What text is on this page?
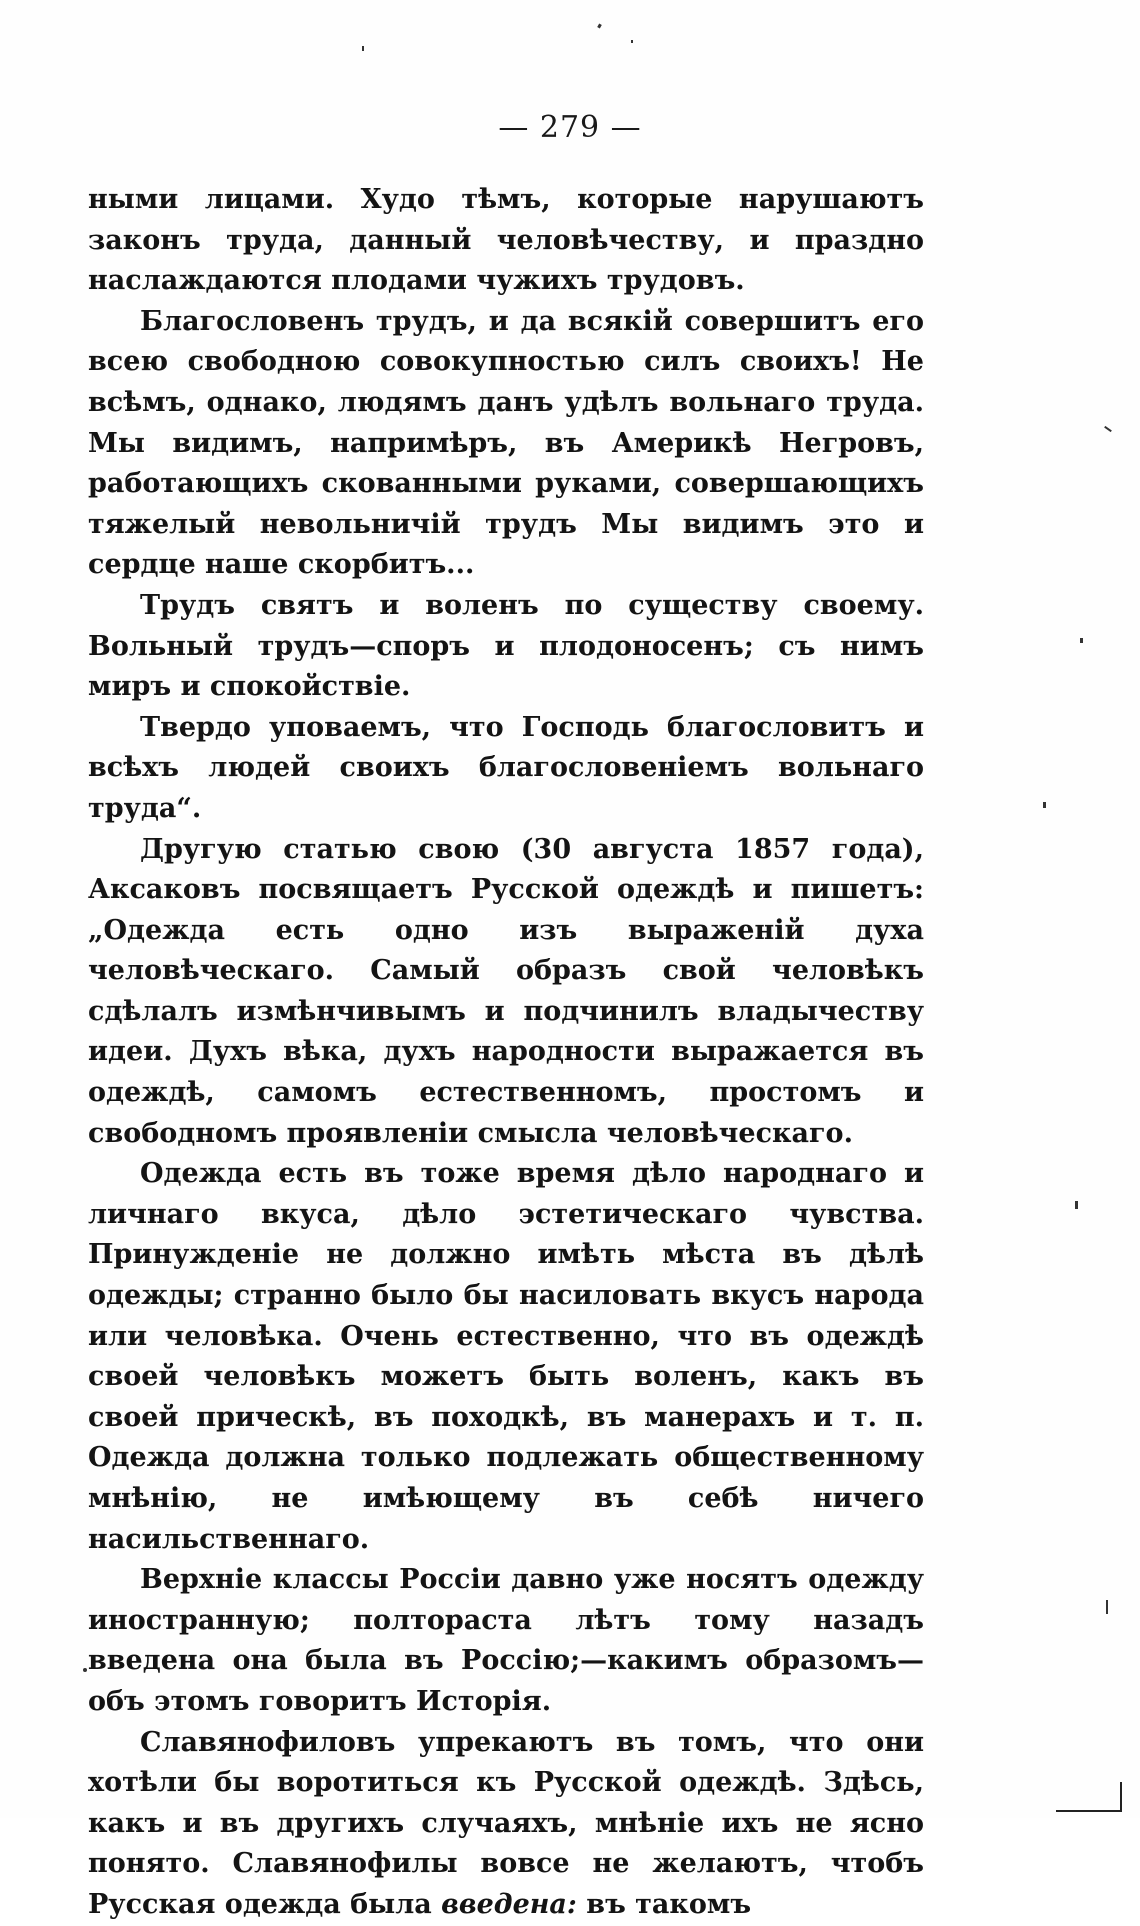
— 279 —

ными лицами. Худо тѣмъ, которые нарушаютъ законъ труда, данный человѣчеству, и праздно наслаждаются плодами чужихъ трудовъ.

Благословенъ трудъ, и да всякій совершитъ его всею свободною совокупностью силъ своихъ! Не всѣмъ, однако, людямъ данъ удѣлъ вольнаго труда. Мы видимъ, напримѣръ, въ Америкѣ Негровъ, работающихъ скованными руками, совершающихъ тяжелый невольничій трудъ Мы видимъ это и сердце наше скорбитъ...

Трудъ святъ и воленъ по существу своему. Вольный трудъ—споръ и плодоносенъ; съ нимъ миръ и спокойствіе.

Твердо уповаемъ, что Господь благословитъ и всѣхъ людей своихъ благословеніемъ вольнаго труда“.

Другую статью свою (30 августа 1857 года), Аксаковъ посвящаетъ Русской одеждѣ и пишетъ: „Одежда есть одно изъ выраженій духа человѣческаго. Самый образъ свой человѣкъ сдѣлалъ измѣнчивымъ и подчинилъ владычеству идеи. Духъ вѣка, духъ народности выражается въ одеждѣ, самомъ естественномъ, простомъ и свободномъ проявленіи смысла человѣческаго.

Одежда есть въ тоже время дѣло народнаго и личнаго вкуса, дѣло эстетическаго чувства. Принужденіе не должно имѣть мѣста въ дѣлѣ одежды; странно было бы насиловать вкусъ народа или человѣка. Очень естественно, что въ одеждѣ своей человѣкъ можетъ быть воленъ, какъ въ своей прическѣ, въ походкѣ, въ манерахъ и т. п. Одежда должна только подлежать общественному мнѣнію, не имѣющему въ себѣ ничего насильственнаго.

Верхніе классы Россіи давно уже носятъ одежду иностранную; полтораста лѣтъ тому назадъ введена она была въ Россію;—какимъ образомъ—объ этомъ говоритъ Исторія.

Славянофиловъ упрекаютъ въ томъ, что они хотѣли бы воротиться къ Русской одеждѣ. Здѣсь, какъ и въ другихъ случаяхъ, мнѣніе ихъ не ясно понято. Славянофилы вовсе не желаютъ, чтобъ Русская одежда была введена: въ такомъ
